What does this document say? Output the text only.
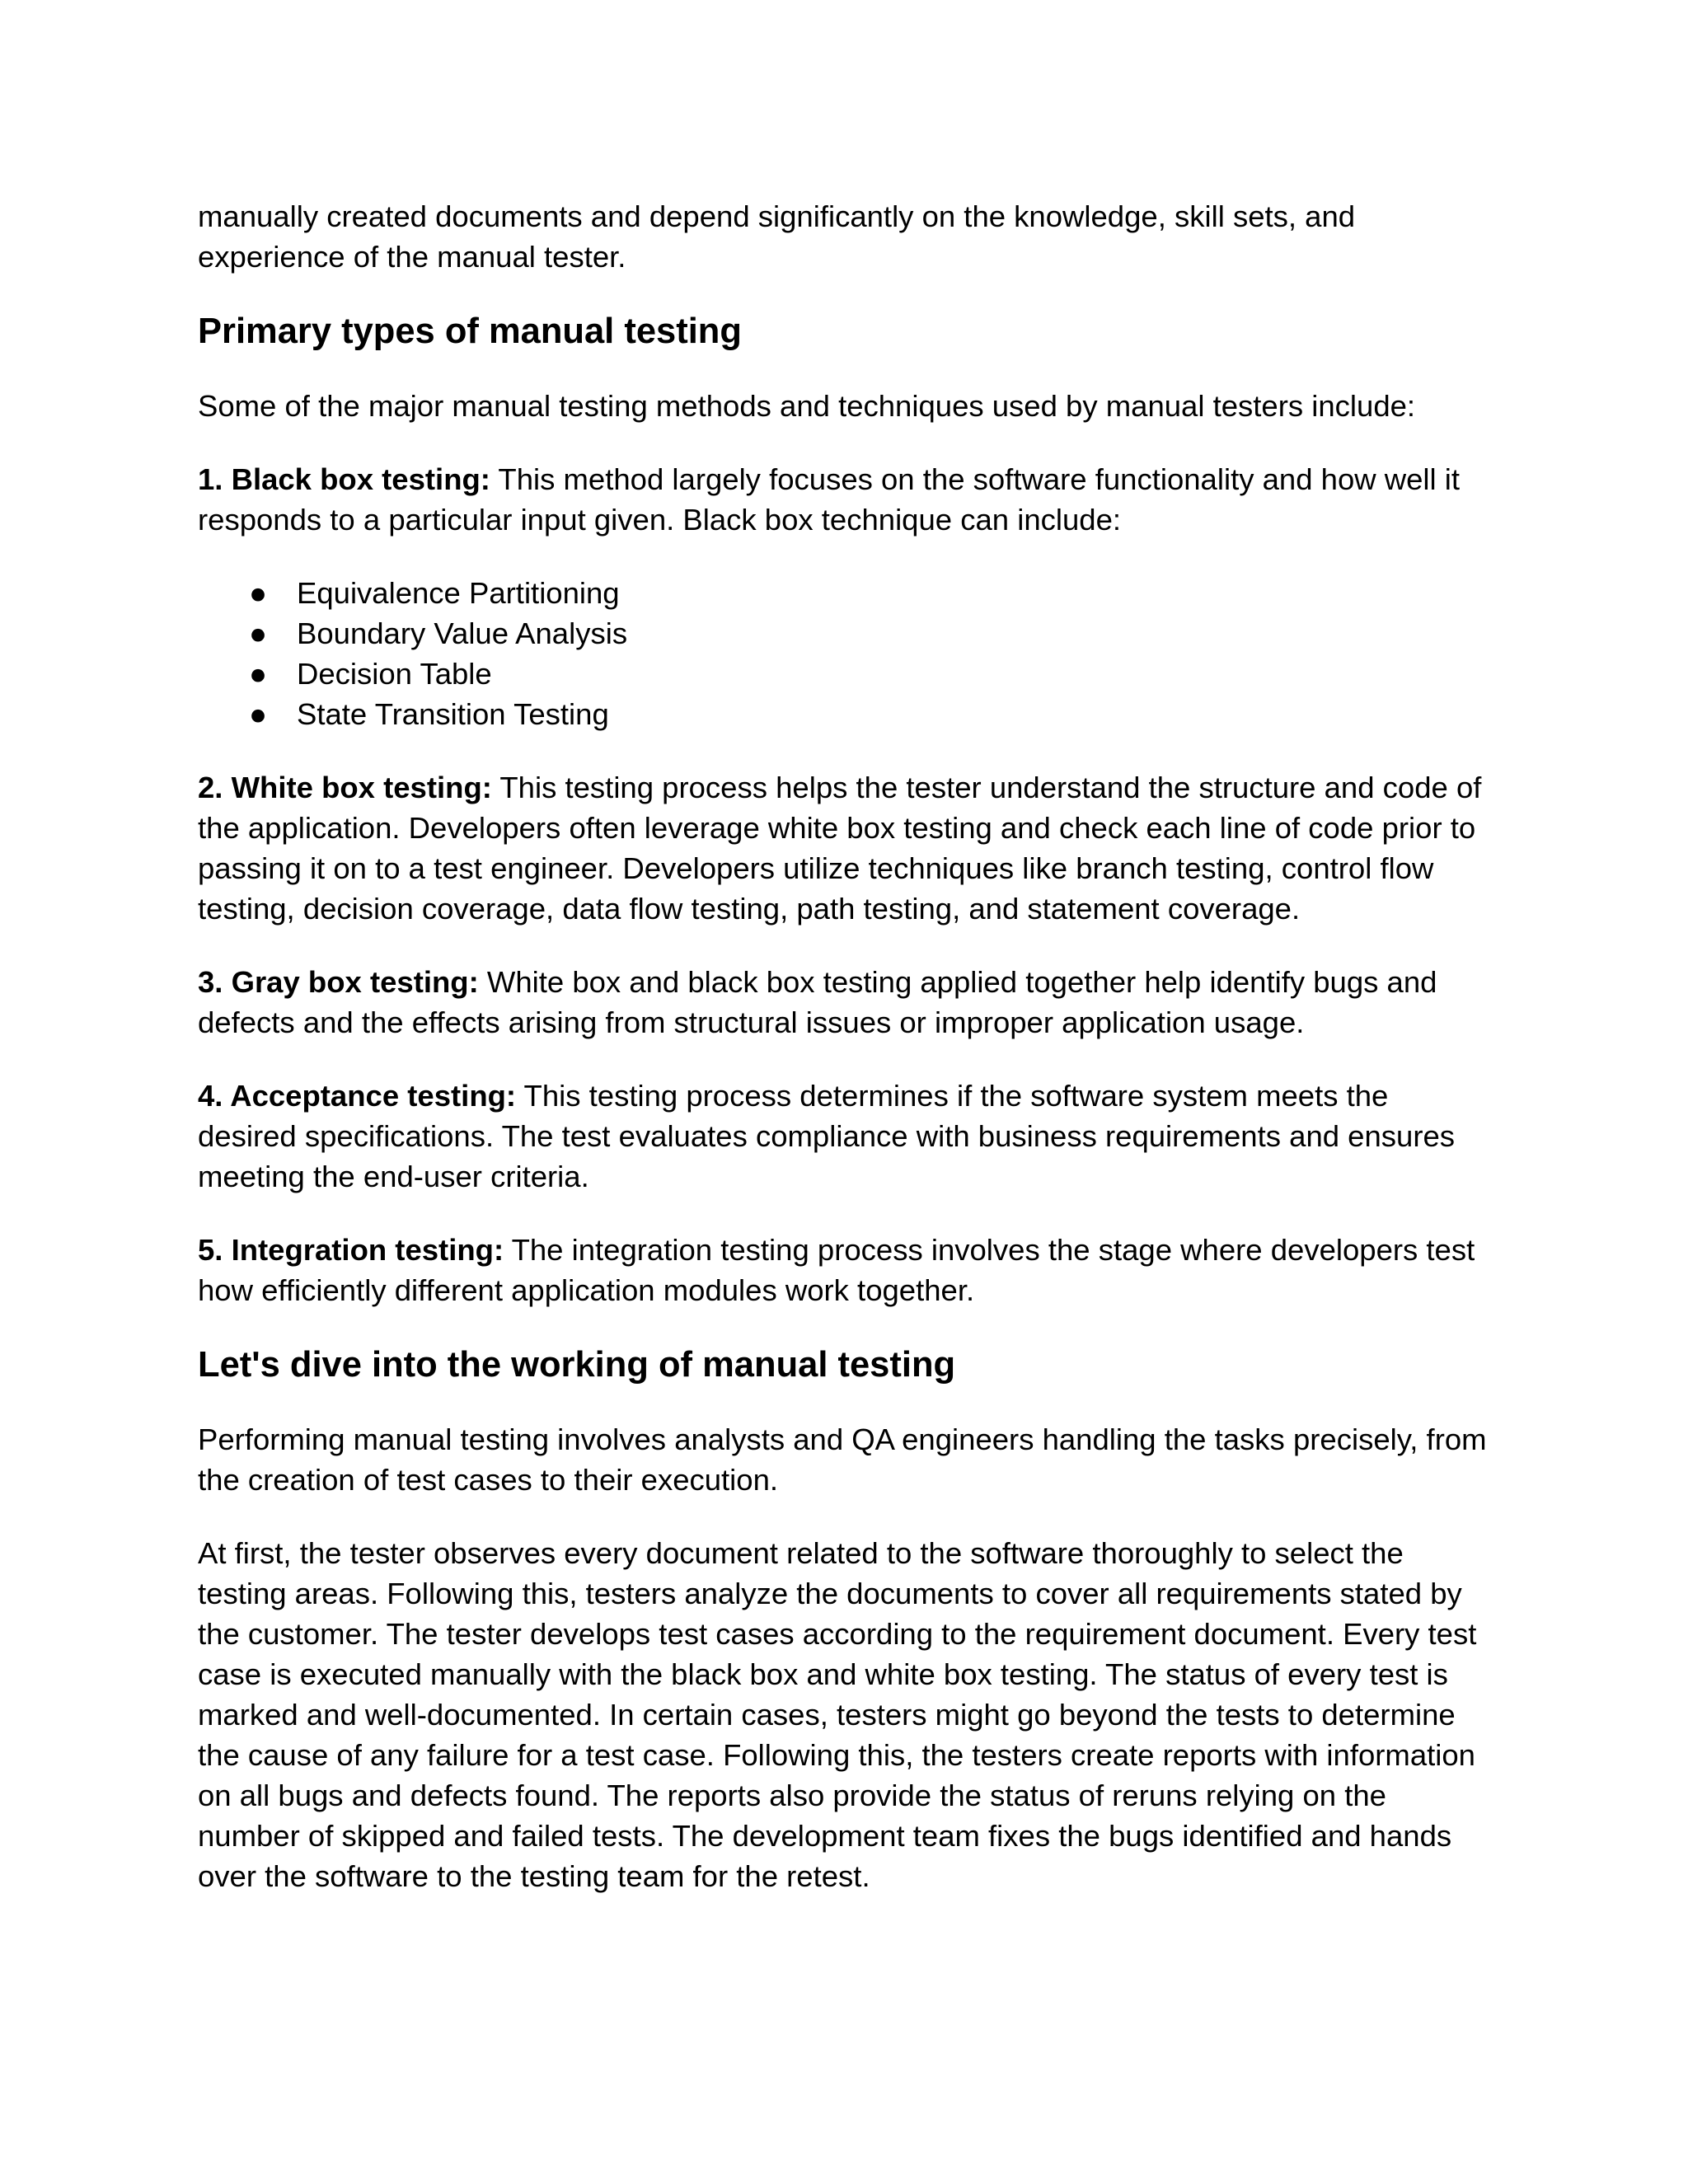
manually created documents and depend significantly on the knowledge, skill sets, and experience of the manual tester.

Primary types of manual testing

Some of the major manual testing methods and techniques used by manual testers include:

1. Black box testing: This method largely focuses on the software functionality and how well it responds to a particular input given. Black box technique can include:

● Equivalence Partitioning
● Boundary Value Analysis
● Decision Table
● State Transition Testing

2. White box testing: This testing process helps the tester understand the structure and code of the application. Developers often leverage white box testing and check each line of code prior to passing it on to a test engineer. Developers utilize techniques like branch testing, control flow testing, decision coverage, data flow testing, path testing, and statement coverage.

3. Gray box testing: White box and black box testing applied together help identify bugs and defects and the effects arising from structural issues or improper application usage.

4. Acceptance testing: This testing process determines if the software system meets the desired specifications. The test evaluates compliance with business requirements and ensures meeting the end-user criteria.

5. Integration testing: The integration testing process involves the stage where developers test how efficiently different application modules work together.

Let's dive into the working of manual testing

Performing manual testing involves analysts and QA engineers handling the tasks precisely, from the creation of test cases to their execution.

At first, the tester observes every document related to the software thoroughly to select the testing areas. Following this, testers analyze the documents to cover all requirements stated by the customer. The tester develops test cases according to the requirement document. Every test case is executed manually with the black box and white box testing. The status of every test is marked and well-documented. In certain cases, testers might go beyond the tests to determine the cause of any failure for a test case. Following this, the testers create reports with information on all bugs and defects found. The reports also provide the status of reruns relying on the number of skipped and failed tests. The development team fixes the bugs identified and hands over the software to the testing team for the retest.
